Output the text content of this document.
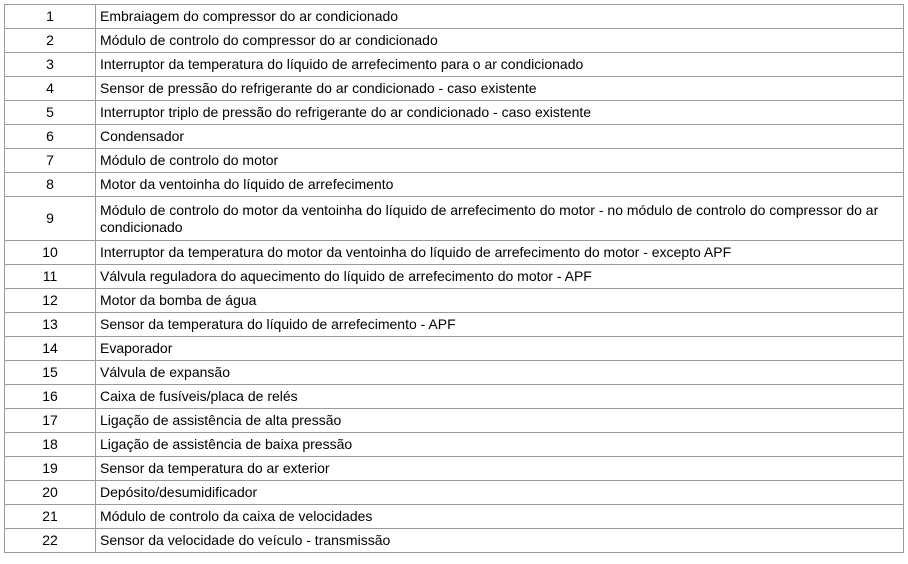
1	Embraiagem do compressor do ar condicionado
2	Módulo de controlo do compressor do ar condicionado
3	Interruptor da temperatura do líquido de arrefecimento para o ar condicionado
4	Sensor de pressão do refrigerante do ar condicionado - caso existente
5	Interruptor triplo de pressão do refrigerante do ar condicionado - caso existente
6	Condensador
7	Módulo de controlo do motor
8	Motor da ventoinha do líquido de arrefecimento
9	Módulo de controlo do motor da ventoinha do líquido de arrefecimento do motor - no módulo de controlo do compressor do ar condicionado
10	Interruptor da temperatura do motor da ventoinha do líquido de arrefecimento do motor - excepto APF
11	Válvula reguladora do aquecimento do líquido de arrefecimento do motor - APF
12	Motor da bomba de água
13	Sensor da temperatura do líquido de arrefecimento - APF
14	Evaporador
15	Válvula de expansão
16	Caixa de fusíveis/placa de relés
17	Ligação de assistência de alta pressão
18	Ligação de assistência de baixa pressão
19	Sensor da temperatura do ar exterior
20	Depósito/desumidificador
21	Módulo de controlo da caixa de velocidades
22	Sensor da velocidade do veículo - transmissão
